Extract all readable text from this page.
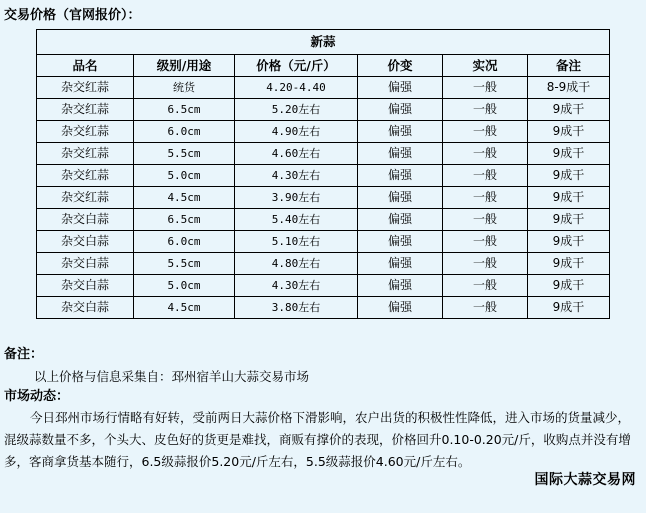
交易价格（官网报价）：
新蒜					
品名	级别/用途	价格（元/斤）	价变	实况	备注
杂交红蒜	统货	4.20-4.40	偏强	一般	8-9成干
杂交红蒜	6.5cm	5.20左右	偏强	一般	9成干
杂交红蒜	6.0cm	4.90左右	偏强	一般	9成干
杂交红蒜	5.5cm	4.60左右	偏强	一般	9成干
杂交红蒜	5.0cm	4.30左右	偏强	一般	9成干
杂交红蒜	4.5cm	3.90左右	偏强	一般	9成干
杂交白蒜	6.5cm	5.40左右	偏强	一般	9成干
杂交白蒜	6.0cm	5.10左右	偏强	一般	9成干
杂交白蒜	5.5cm	4.80左右	偏强	一般	9成干
杂交白蒜	5.0cm	4.30左右	偏强	一般	9成干
杂交白蒜	4.5cm	3.80左右	偏强	一般	9成干
备注：
以上价格与信息采集自：邳州宿羊山大蒜交易市场
市场动态：
今日邳州市场行情略有好转，受前两日大蒜价格下滑影响，农户出货的积极性性降低，进入市场的货量减少，混级蒜数量不多，个头大、皮色好的货更是难找，商贩有撑价的表现，价格回升0.10-0.20元/斤，收购点并没有增多，客商拿货基本随行，6.5级蒜报价5.20元/斤左右，5.5级蒜报价4.60元/斤左右。
国际大蒜交易网
